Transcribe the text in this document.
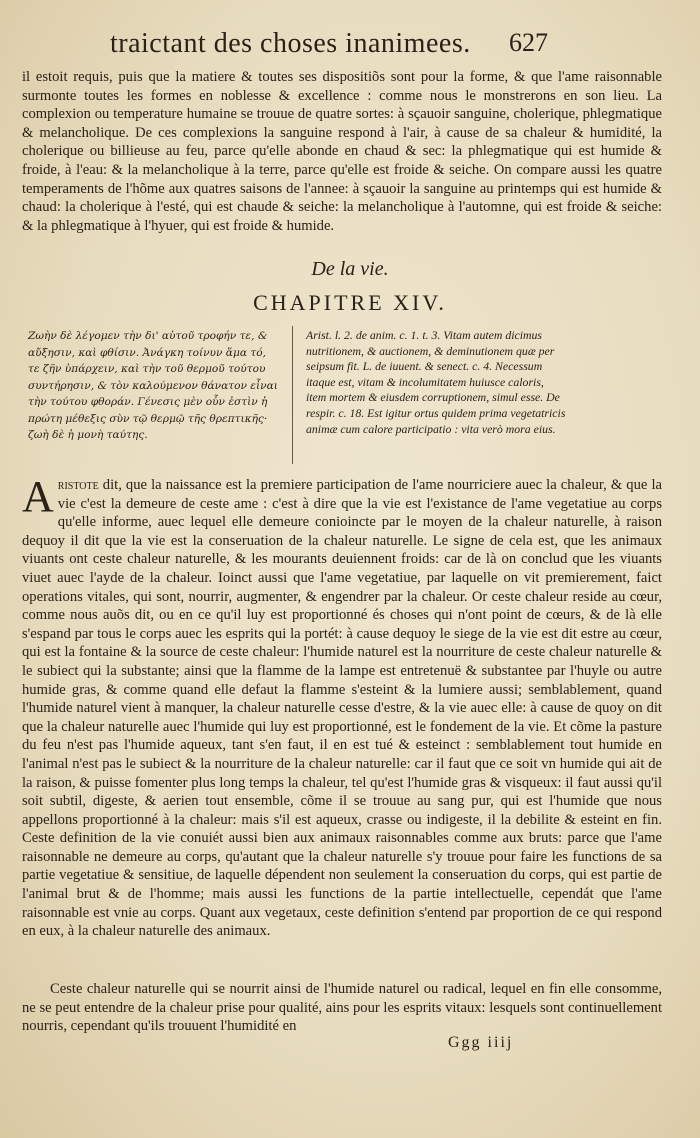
traictant des choses inanimees.	627

il estoit requis, puis que la matiere & toutes ses dispositiõs sont pour la forme, & que l'ame raisonnable surmonte toutes les formes en noblesse & excellence : comme nous le monstrerons en son lieu. La complexion ou temperature humaine se trouue de quatre sortes: à sçauoir sanguine, cholerique, phlegmatique & melancholique. De ces complexions la sanguine respond à l'air, à cause de sa chaleur & humidité, la cholerique ou billieuse au feu, parce qu'elle abonde en chaud & sec: la phlegmatique qui est humide & froide, à l'eau: & la melancholique à la terre, parce qu'elle est froide & seiche. On compare aussi les quatre temperaments de l'hõme aux quatres saisons de l'annee: à sçauoir la sanguine au printemps qui est humide & chaud: la cholerique à l'esté, qui est chaude & seiche: la melancholique à l'automne, qui est froide & seiche: & la phlegmatique à l'hyuer, qui est froide & humide.

De la vie.
CHAPITRE XIV.

Ζωὴν δὲ λέγομεν τὴν δι' αὑτοῦ τροφήν τε, & αὔξησιν, καὶ φθίσιν. Ἀνάγκη τοίνυν ἅμα τό, τε ζῆν ὑπάρχειν, καὶ τὴν τοῦ θερμοῦ τούτου συντήρησιν, & τὸν καλούμενον θάνατον εἶναι τὴν τούτου φθοράν. Γένεσις μὲν οὖν ἐστὶν ἡ πρώτη μέθεξις σὺν τῷ θερμῷ τῆς θρεπτικῆς· ζωὴ δὲ ἡ μονὴ ταύτης.

Arist. l. 2. de anim. c. 1. t. 3. Vitam autem dicimus nutritionem, & auctionem, & deminutionem quæ per seipsum fit. L. de iuuent. & senect. c. 4. Necessum itaque est, vitam & incolumitatem huiusce caloris, item mortem & eiusdem corruptionem, simul esse. De respir. c. 18. Est igitur ortus quidem prima vegetatricis animæ cum calore participatio : vita verò mora eius.

Aristote dit, que la naissance est la premiere participation de l'ame nourriciere auec la chaleur, & que la vie c'est la demeure de ceste ame : c'est à dire que la vie est l'existance de l'ame vegetatiue au corps qu'elle informe, auec lequel elle demeure conioincte par le moyen de la chaleur naturelle, à raison dequoy il dit que la vie est la conseruation de la chaleur naturelle. Le signe de cela est, que les animaux viuants ont ceste chaleur naturelle, & les mourants deuiennent froids: car de là on conclud que les viuants viuet auec l'ayde de la chaleur. Ioinct aussi que l'ame vegetatiue, par laquelle on vit premierement, faict operations vitales, qui sont, nourrir, augmenter, & engendrer par la chaleur. Or ceste chaleur reside au cœur, comme nous auõs dit, ou en ce qu'il luy est proportionné és choses qui n'ont point de cœurs, & de là elle s'espand par tous le corps auec les esprits qui la portét: à cause dequoy le siege de la vie est dit estre au cœur, qui est la fontaine & la source de ceste chaleur: l'humide naturel est la nourriture de ceste chaleur naturelle & le subiect qui la substante; ainsi que la flamme de la lampe est entretenuë & substantee par l'huyle ou autre humide gras, & comme quand elle defaut la flamme s'esteint & la lumiere aussi; semblablement, quand l'humide naturel vient à manquer, la chaleur naturelle cesse d'estre, & la vie auec elle: à cause de quoy on dit que la chaleur naturelle auec l'humide qui luy est proportionné, est le fondement de la vie. Et cõme la pasture du feu n'est pas l'humide aqueux, tant s'en faut, il en est tué & esteinct : semblablement tout humide en l'animal n'est pas le subiect & la nourriture de la chaleur naturelle: car il faut que ce soit vn humide qui ait de la raison, & puisse fomenter plus long temps la chaleur, tel qu'est l'humide gras & visqueux: il faut aussi qu'il soit subtil, digeste, & aerien tout ensemble, cõme il se trouue au sang pur, qui est l'humide que nous appellons proportionné à la chaleur: mais s'il est aqueux, crasse ou indigeste, il la debilite & esteint en fin. Ceste definition de la vie conuiét aussi bien aux animaux raisonnables comme aux bruts: parce que l'ame raisonnable ne demeure au corps, qu'autant que la chaleur naturelle s'y trouue pour faire les functions de sa partie vegetatiue & sensitiue, de laquelle dépendent non seulement la conseruation du corps, qui est partie de l'animal brut & de l'homme; mais aussi les functions de la partie intellectuelle, cependát que l'ame raisonnable est vnie au corps. Quant aux vegetaux, ceste definition s'entend par proportion de ce qui respond en eux, à la chaleur naturelle des animaux.

Ceste chaleur naturelle qui se nourrit ainsi de l'humide naturel ou radical, lequel en fin elle consomme, ne se peut entendre de la chaleur prise pour qualité, ains pour les esprits vitaux: lesquels sont continuellement nourris, cependant qu'ils trouuent l'humidité en

Ggg iiij
